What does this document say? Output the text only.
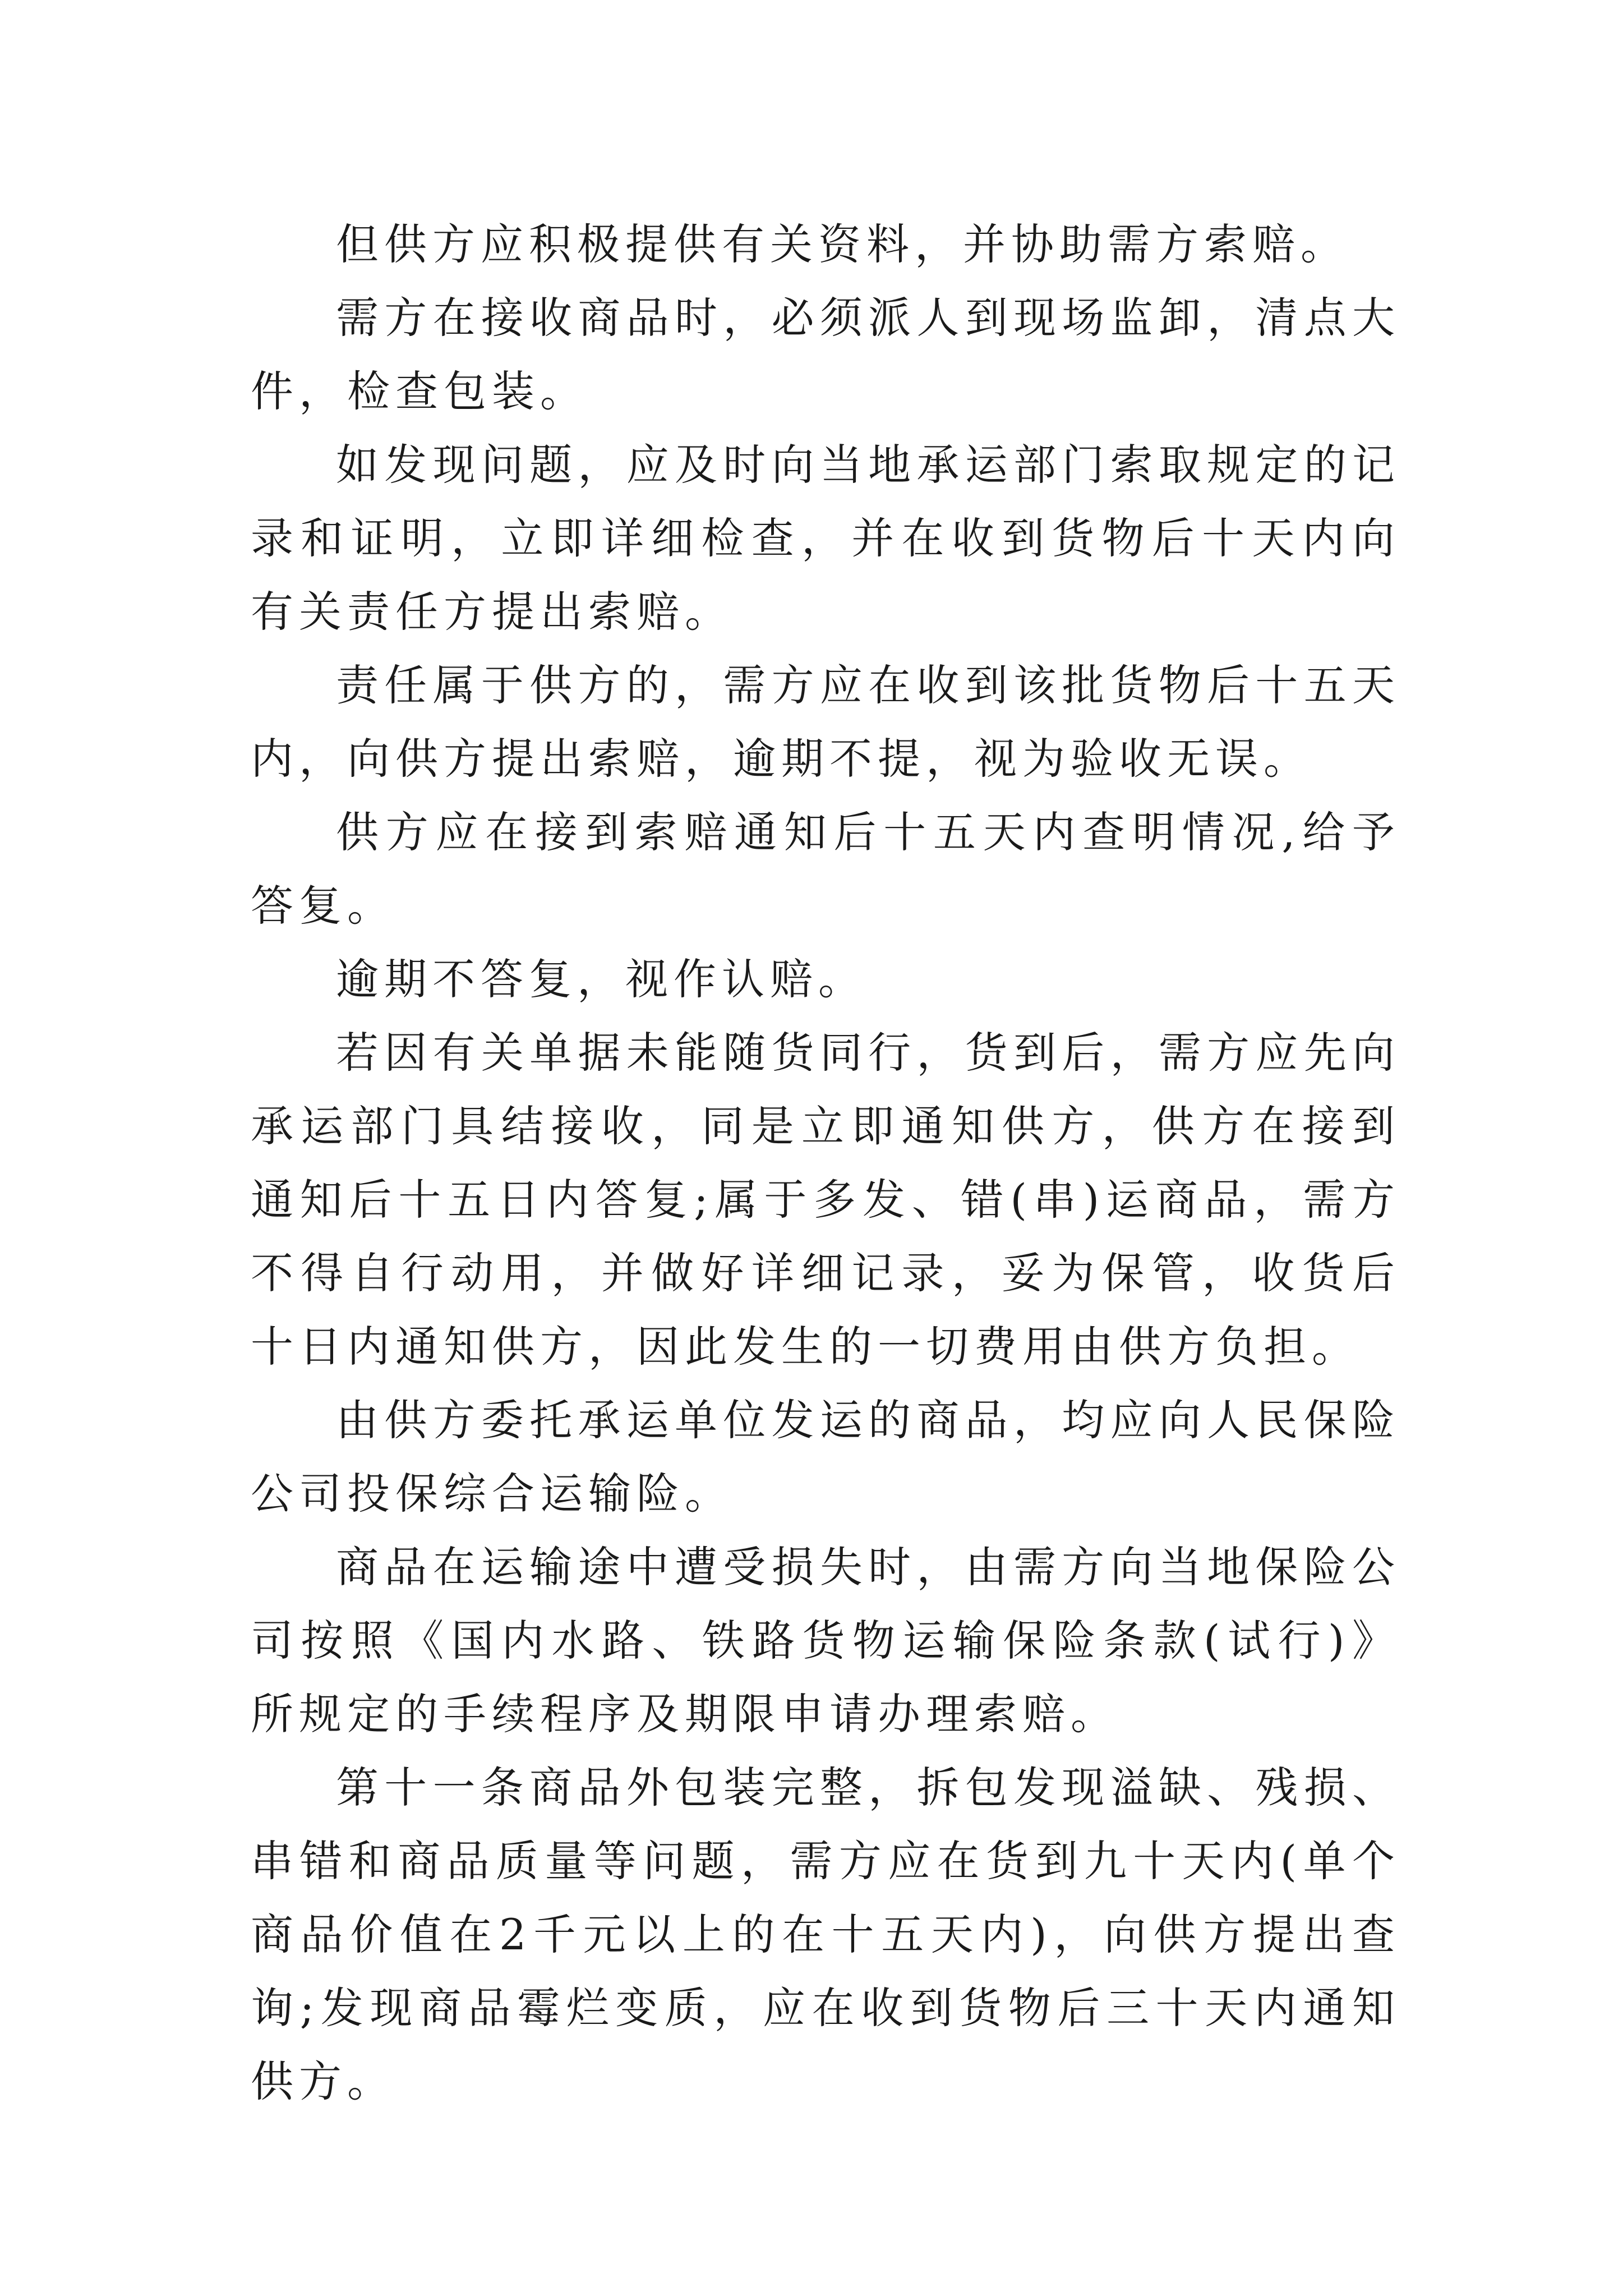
但供方应积极提供有关资料，并协助需方索赔。

需方在接收商品时，必须派人到现场监卸，清点大件，检查包装。

如发现问题，应及时向当地承运部门索取规定的记录和证明，立即详细检查，并在收到货物后十天内向有关责任方提出索赔。

责任属于供方的，需方应在收到该批货物后十五天内，向供方提出索赔，逾期不提，视为验收无误。

供方应在接到索赔通知后十五天内查明情况,给予答复。

逾期不答复，视作认赔。

若因有关单据未能随货同行，货到后，需方应先向承运部门具结接收，同是立即通知供方，供方在接到通知后十五日内答复;属于多发、错(串)运商品，需方不得自行动用，并做好详细记录，妥为保管，收货后十日内通知供方，因此发生的一切费用由供方负担。

由供方委托承运单位发运的商品，均应向人民保险公司投保综合运输险。

商品在运输途中遭受损失时，由需方向当地保险公司按照《国内水路、铁路货物运输保险条款(试行)》所规定的手续程序及期限申请办理索赔。

第十一条商品外包装完整，拆包发现溢缺、残损、串错和商品质量等问题，需方应在货到九十天内(单个商品价值在2千元以上的在十五天内)，向供方提出查询;发现商品霉烂变质，应在收到货物后三十天内通知供方。
